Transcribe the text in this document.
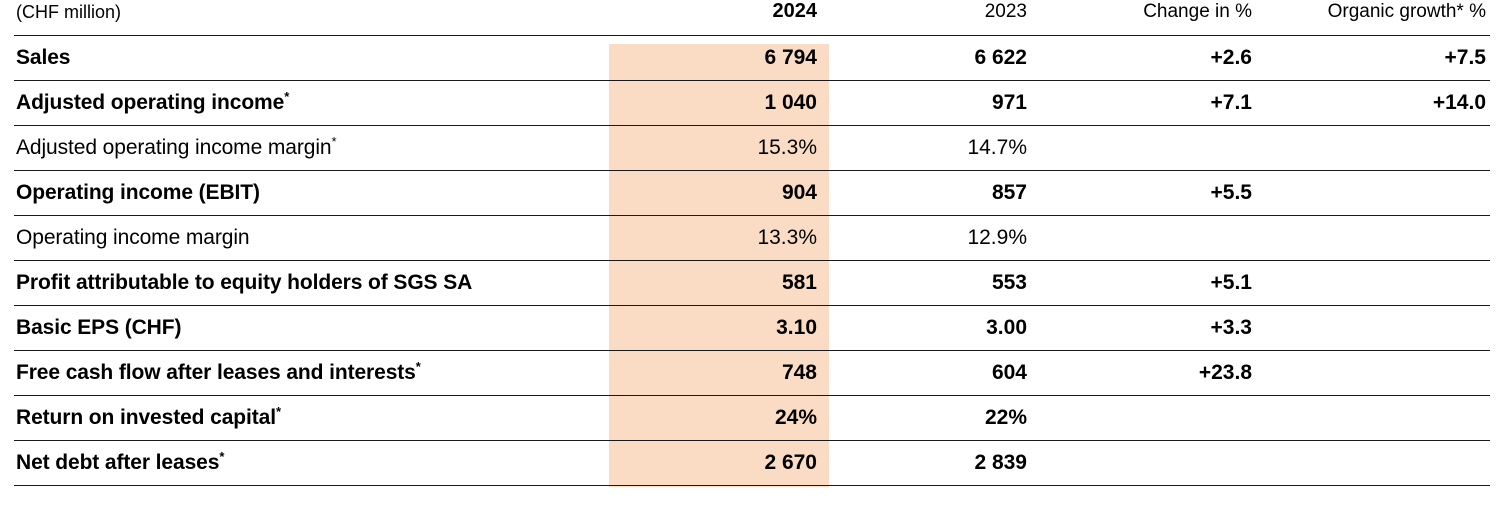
(CHF million)	2024	2023	Change in %	Organic growth* %
Sales	6 794	6 622	+2.6	+7.5
Adjusted operating income*	1 040	971	+7.1	+14.0
Adjusted operating income margin*	15.3%	14.7%		
Operating income (EBIT)	904	857	+5.5	
Operating income margin	13.3%	12.9%		
Profit attributable to equity holders of SGS SA	581	553	+5.1	
Basic EPS (CHF)	3.10	3.00	+3.3	
Free cash flow after leases and interests*	748	604	+23.8	
Return on invested capital*	24%	22%		
Net debt after leases*	2 670	2 839		
